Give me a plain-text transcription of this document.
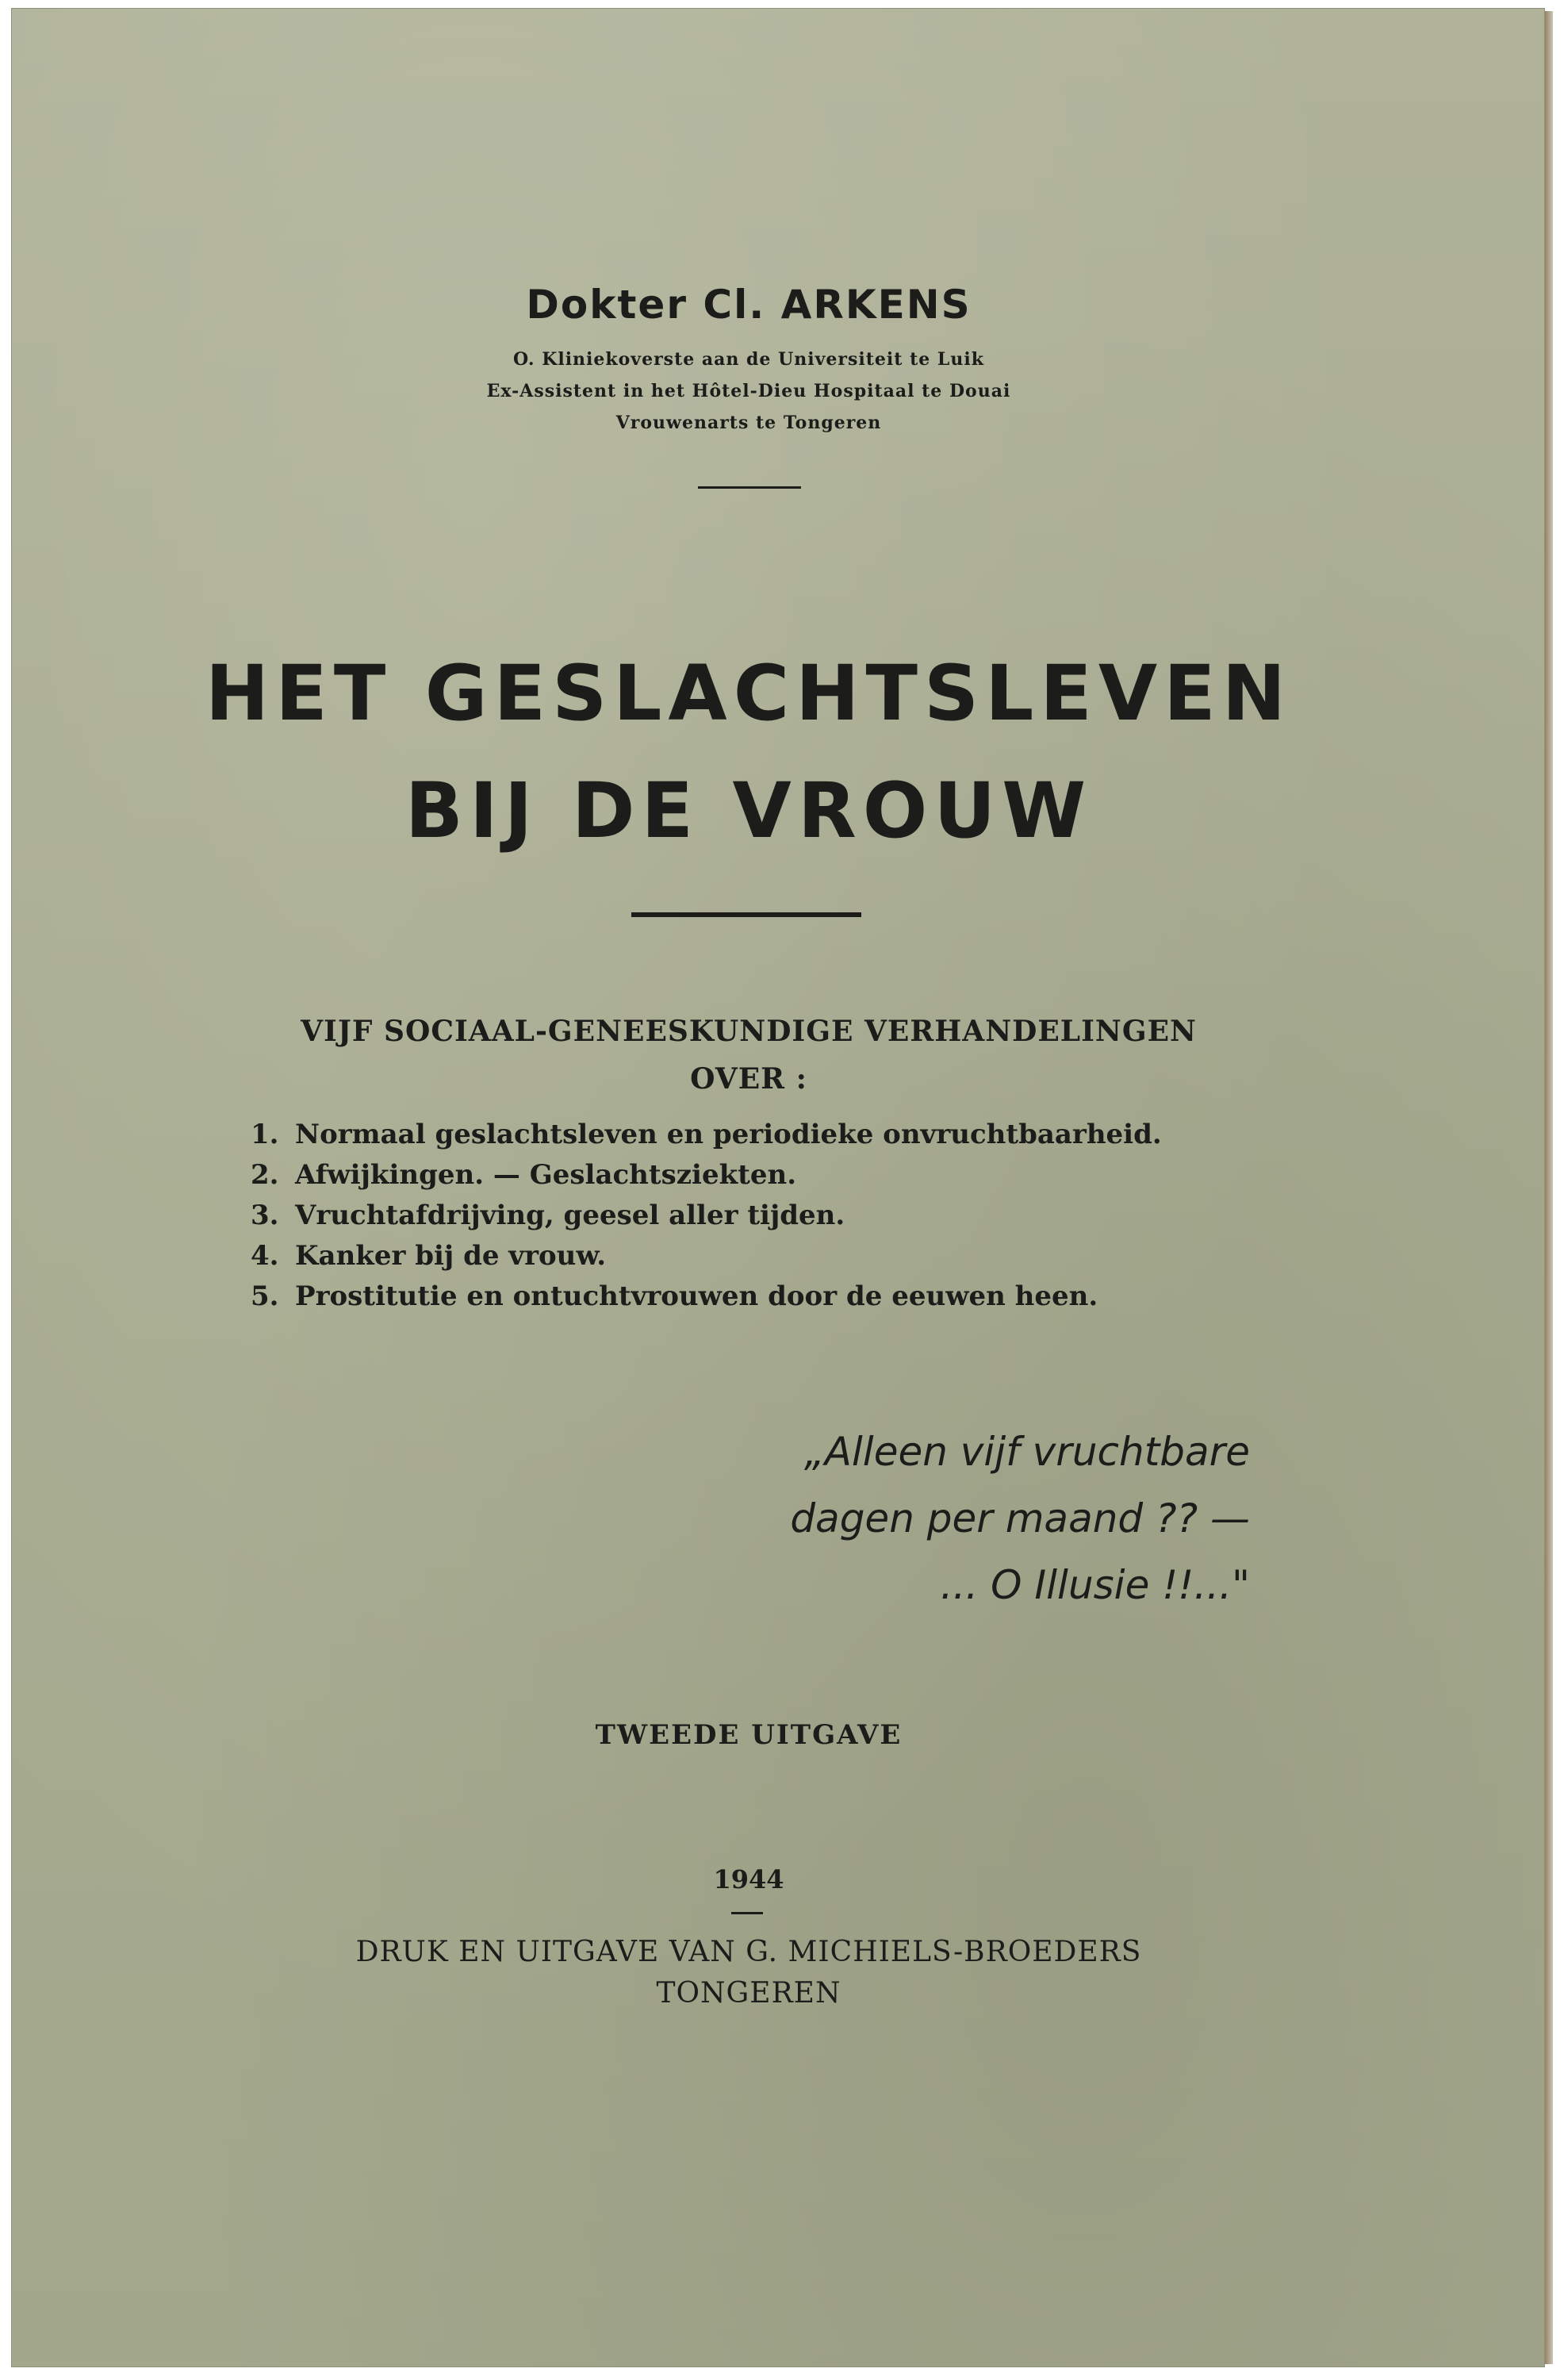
Dokter Cl. ARKENS
O. Kliniekoverste aan de Universiteit te Luik
Ex-Assistent in het Hôtel-Dieu Hospitaal te Douai
Vrouwenarts te Tongeren
HET GESLACHTSLEVEN
BIJ DE VROUW
VIJF SOCIAAL-GENEESKUNDIGE VERHANDELINGEN
OVER :
1. Normaal geslachtsleven en periodieke onvruchtbaarheid.
2. Afwijkingen. — Geslachtsziekten.
3. Vruchtafdrijving, geesel aller tijden.
4. Kanker bij de vrouw.
5. Prostitutie en ontuchtvrouwen door de eeuwen heen.
„Alleen vijf vruchtbare
dagen per maand ?? —
... O Illusie !!..."
TWEEDE UITGAVE
1944
DRUK EN UITGAVE VAN G. MICHIELS-BROEDERS
TONGEREN
